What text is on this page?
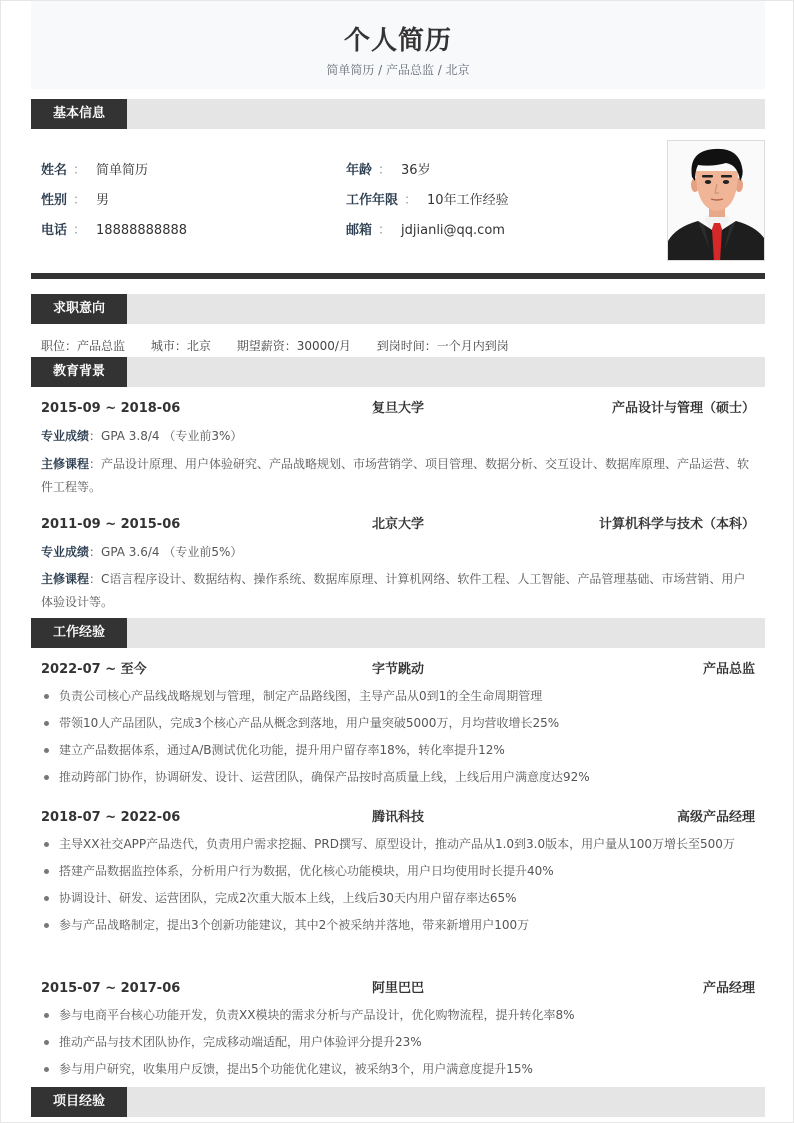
个人简历
简单简历 / 产品总监 / 北京
基本信息
姓名 ： 简单简历
性别 ： 男
电话 ： 18888888888
年龄 ： 36岁
工作年限 ： 10年工作经验
邮箱 ： jdjianli@qq.com
求职意向
职位：产品总监 城市：北京 期望薪资：30000/月 到岗时间：一个月内到岗
教育背景
2015-09 ~ 2018-06	复旦大学	产品设计与管理（硕士）
专业成绩：GPA 3.8/4 （专业前3%）
主修课程：产品设计原理、用户体验研究、产品战略规划、市场营销学、项目管理、数据分析、交互设计、数据库原理、产品运营、软件工程等。
2011-09 ~ 2015-06	北京大学	计算机科学与技术（本科）
专业成绩：GPA 3.6/4 （专业前5%）
主修课程：C语言程序设计、数据结构、操作系统、数据库原理、计算机网络、软件工程、人工智能、产品管理基础、市场营销、用户体验设计等。
工作经验
2022-07 ~ 至今	字节跳动	产品总监
负责公司核心产品线战略规划与管理，制定产品路线图，主导产品从0到1的全生命周期管理
带领10人产品团队，完成3个核心产品从概念到落地，用户量突破5000万，月均营收增长25%
建立产品数据体系，通过A/B测试优化功能，提升用户留存率18%，转化率提升12%
推动跨部门协作，协调研发、设计、运营团队，确保产品按时高质量上线，上线后用户满意度达92%
2018-07 ~ 2022-06	腾讯科技	高级产品经理
主导XX社交APP产品迭代，负责用户需求挖掘、PRD撰写、原型设计，推动产品从1.0到3.0版本，用户量从100万增长至500万
搭建产品数据监控体系，分析用户行为数据，优化核心功能模块，用户日均使用时长提升40%
协调设计、研发、运营团队，完成2次重大版本上线，上线后30天内用户留存率达65%
参与产品战略制定，提出3个创新功能建议，其中2个被采纳并落地，带来新增用户100万
2015-07 ~ 2017-06	阿里巴巴	产品经理
参与电商平台核心功能开发，负责XX模块的需求分析与产品设计，优化购物流程，提升转化率8%
推动产品与技术团队协作，完成移动端适配，用户体验评分提升23%
参与用户研究，收集用户反馈，提出5个功能优化建议，被采纳3个，用户满意度提升15%
项目经验
